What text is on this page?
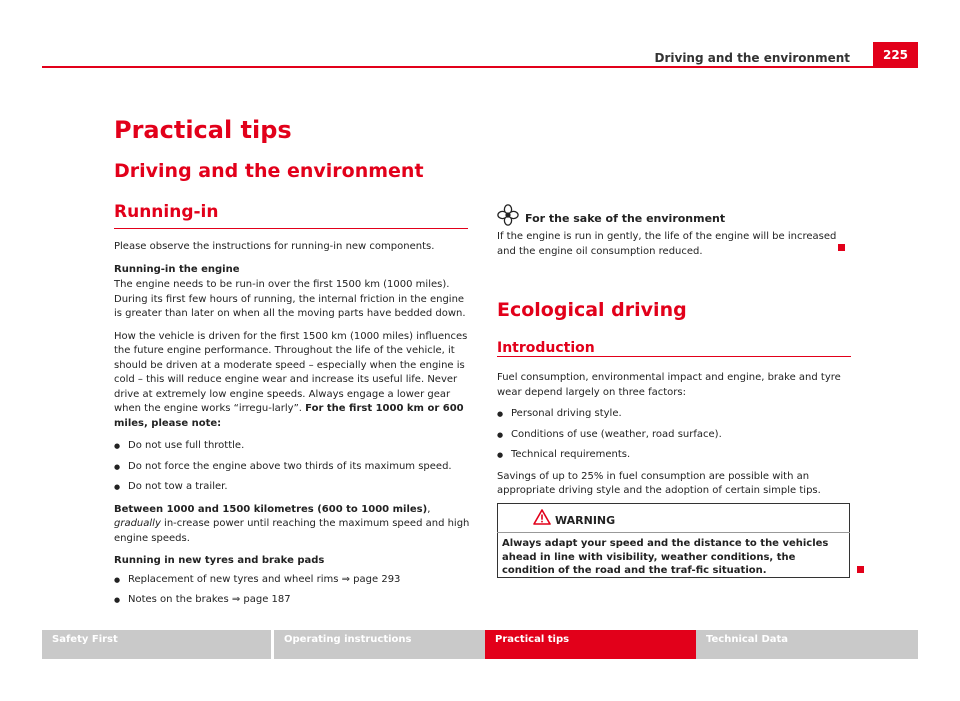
Driving and the environment	225
Practical tips
Driving and the environment
Running-in

Please observe the instructions for running-in new components.

Running-in the engine

The engine needs to be run-in over the first 1500 km (1000 miles). During its first few hours of running, the internal friction in the engine is greater than later on when all the moving parts have bedded down.

How the vehicle is driven for the first 1500 km (1000 miles) influences the future engine performance. Throughout the life of the vehicle, it should be driven at a moderate speed – especially when the engine is cold – this will reduce engine wear and increase its useful life. Never drive at extremely low engine speeds. Always engage a lower gear when the engine works “irregu-larly”. For the first 1000 km or 600 miles, please note:

● Do not use full throttle.
● Do not force the engine above two thirds of its maximum speed.
● Do not tow a trailer.

Between 1000 and 1500 kilometres (600 to 1000 miles), gradually in-crease power until reaching the maximum speed and high engine speeds.

Running in new tyres and brake pads

● Replacement of new tyres and wheel rims ⇒ page 293
● Notes on the brakes ⇒ page 187
For the sake of the environment
If the engine is run in gently, the life of the engine will be increased and the engine oil consumption reduced.
Ecological driving
Introduction

Fuel consumption, environmental impact and engine, brake and tyre wear depend largely on three factors:

● Personal driving style.
● Conditions of use (weather, road surface).
● Technical requirements.

Savings of up to 25% in fuel consumption are possible with an appropriate driving style and the adoption of certain simple tips.

WARNING
Always adapt your speed and the distance to the vehicles ahead in line with visibility, weather conditions, the condition of the road and the traf-fic situation.
Safety First	Operating instructions	Practical tips	Technical Data
